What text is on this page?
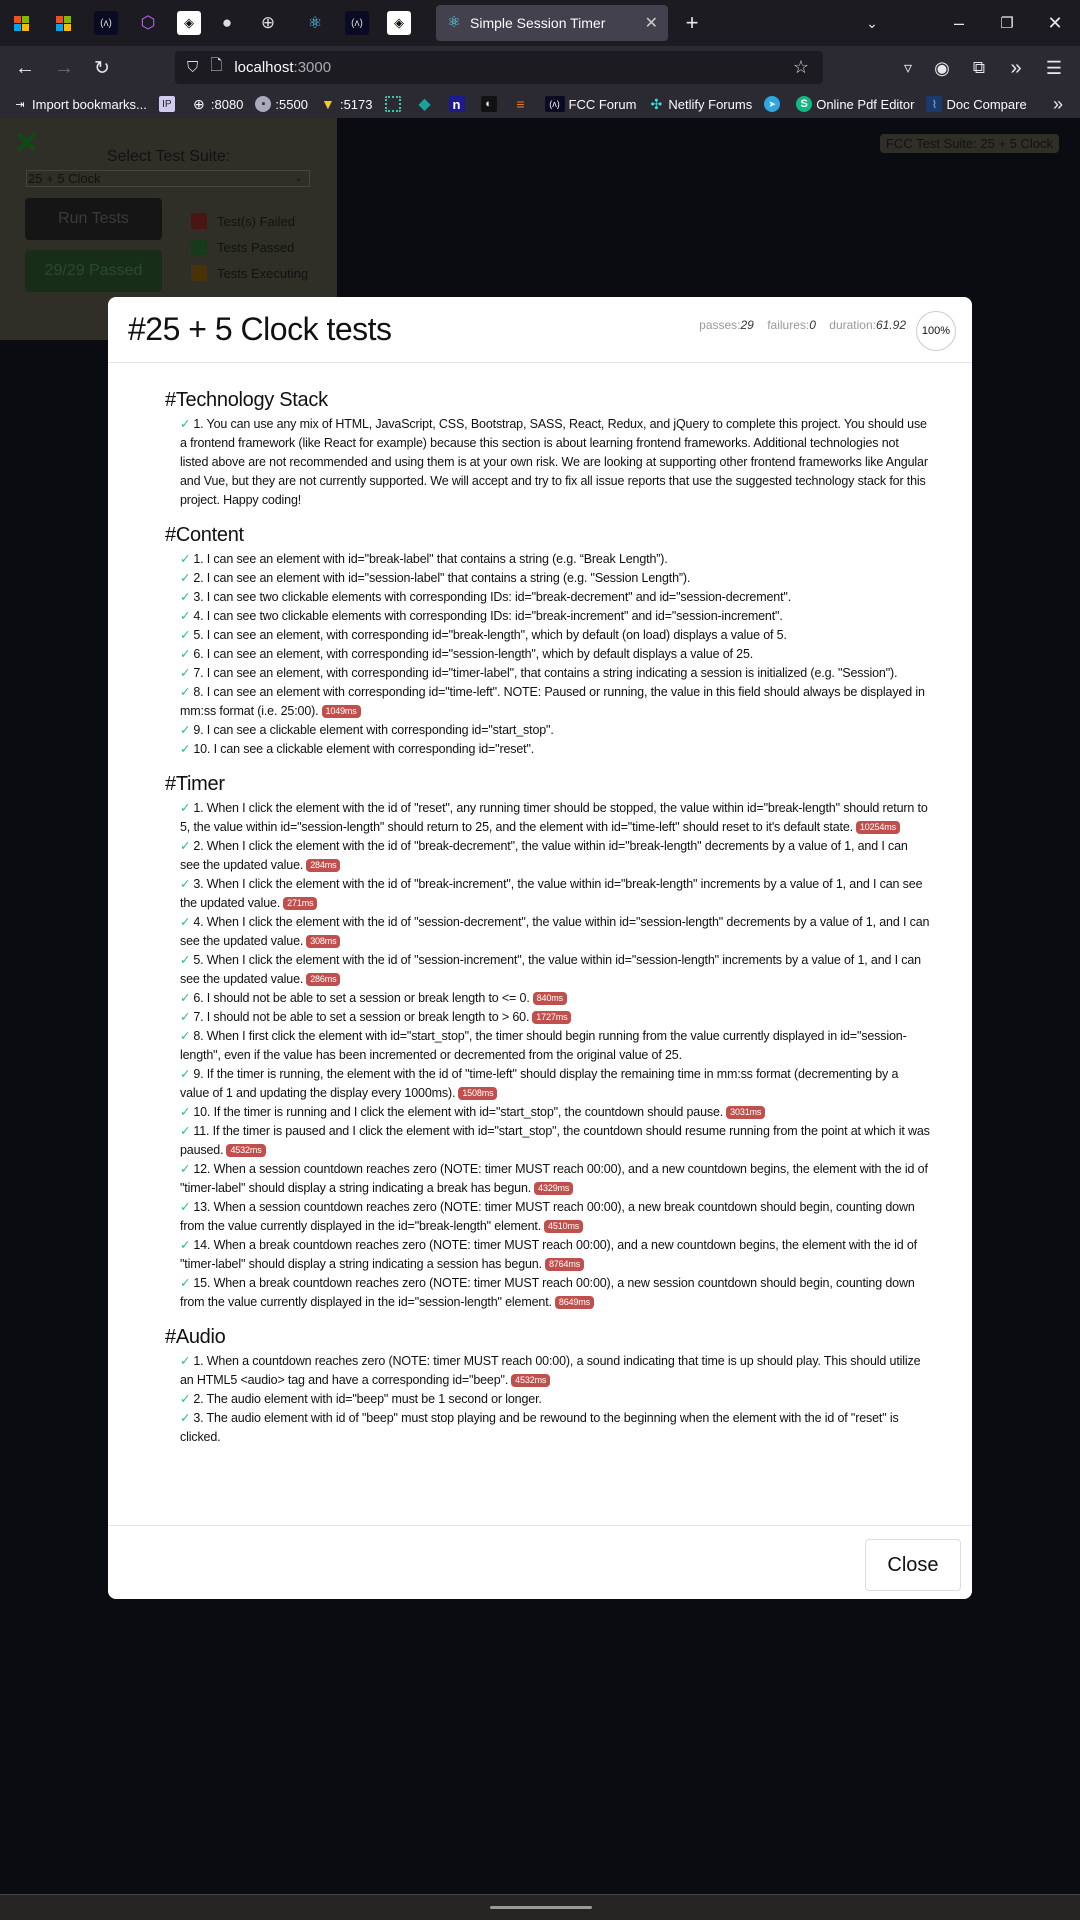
(ʌ) ⬡ ◈ ● ⊕ ⚛	(ʌ) ◈	⚛ Simple Session Timer	✕ +	⌄	– ❐ ✕
← → ↻	⛉ 🗋 localhost :3000	☆	▿ ◉ ⧉ » ☰
⇥ Import bookmarks...	IP ⊕ :8080	▪ :5500 ▼ :5173	◆	n	◐	≡	(ʌ) FCC Forum ✣ Netlify Forums	➤	S Online Pdf Editor	⌇ Doc Compare »
✕	Select Test Suite:
25 + 5 Clock	⌄
Run Tests
29/29 Passed
Test(s) Failed
Tests Passed
Tests Executing
FCC Test Suite: 25 + 5 Clock
#25 + 5 Clock tests	passes:29 failures:0 duration:61.92	100%
#Technology Stack
✓ 1. You can use any mix of HTML, JavaScript, CSS, Bootstrap, SASS, React, Redux, and jQuery to complete this project. You should use a frontend framework (like React for example) because this section is about learning frontend frameworks. Additional technologies not listed above are not recommended and using them is at your own risk. We are looking at supporting other frontend frameworks like Angular and Vue, but they are not currently supported. We will accept and try to fix all issue reports that use the suggested technology stack for this project. Happy coding!
#Content
✓ 1. I can see an element with id="break-label" that contains a string (e.g. “Break Length”).
✓ 2. I can see an element with id="session-label" that contains a string (e.g. "Session Length”).
✓ 3. I can see two clickable elements with corresponding IDs: id="break-decrement" and id="session-decrement".
✓ 4. I can see two clickable elements with corresponding IDs: id="break-increment" and id="session-increment".
✓ 5. I can see an element, with corresponding id="break-length", which by default (on load) displays a value of 5.
✓ 6. I can see an element, with corresponding id="session-length", which by default displays a value of 25.
✓ 7. I can see an element, with corresponding id="timer-label", that contains a string indicating a session is initialized (e.g. "Session").
✓ 8. I can see an element with corresponding id="time-left". NOTE: Paused or running, the value in this field should always be displayed in mm:ss format (i.e. 25:00). 1049ms
✓ 9. I can see a clickable element with corresponding id="start_stop".
✓ 10. I can see a clickable element with corresponding id="reset".
#Timer
✓ 1. When I click the element with the id of "reset", any running timer should be stopped, the value within id="break-length" should return to 5, the value within id="session-length" should return to 25, and the element with id="time-left" should reset to it's default state. 10254ms
✓ 2. When I click the element with the id of "break-decrement", the value within id="break-length" decrements by a value of 1, and I can see the updated value. 284ms
✓ 3. When I click the element with the id of "break-increment", the value within id="break-length" increments by a value of 1, and I can see the updated value. 271ms
✓ 4. When I click the element with the id of "session-decrement", the value within id="session-length" decrements by a value of 1, and I can see the updated value. 308ms
✓ 5. When I click the element with the id of "session-increment", the value within id="session-length" increments by a value of 1, and I can see the updated value. 286ms
✓ 6. I should not be able to set a session or break length to <= 0. 840ms
✓ 7. I should not be able to set a session or break length to > 60. 1727ms
✓ 8. When I first click the element with id="start_stop", the timer should begin running from the value currently displayed in id="session-length", even if the value has been incremented or decremented from the original value of 25.
✓ 9. If the timer is running, the element with the id of "time-left" should display the remaining time in mm:ss format (decrementing by a value of 1 and updating the display every 1000ms). 1508ms
✓ 10. If the timer is running and I click the element with id="start_stop", the countdown should pause. 3031ms
✓ 11. If the timer is paused and I click the element with id="start_stop", the countdown should resume running from the point at which it was paused. 4532ms
✓ 12. When a session countdown reaches zero (NOTE: timer MUST reach 00:00), and a new countdown begins, the element with the id of "timer-label" should display a string indicating a break has begun. 4329ms
✓ 13. When a session countdown reaches zero (NOTE: timer MUST reach 00:00), a new break countdown should begin, counting down from the value currently displayed in the id="break-length" element. 4510ms
✓ 14. When a break countdown reaches zero (NOTE: timer MUST reach 00:00), and a new countdown begins, the element with the id of "timer-label" should display a string indicating a session has begun. 8764ms
✓ 15. When a break countdown reaches zero (NOTE: timer MUST reach 00:00), a new session countdown should begin, counting down from the value currently displayed in the id="session-length" element. 8649ms
#Audio
✓ 1. When a countdown reaches zero (NOTE: timer MUST reach 00:00), a sound indicating that time is up should play. This should utilize an HTML5 <audio> tag and have a corresponding id="beep". 4532ms
✓ 2. The audio element with id="beep" must be 1 second or longer.
✓ 3. The audio element with id of "beep" must stop playing and be rewound to the beginning when the element with the id of "reset" is clicked.
Close
